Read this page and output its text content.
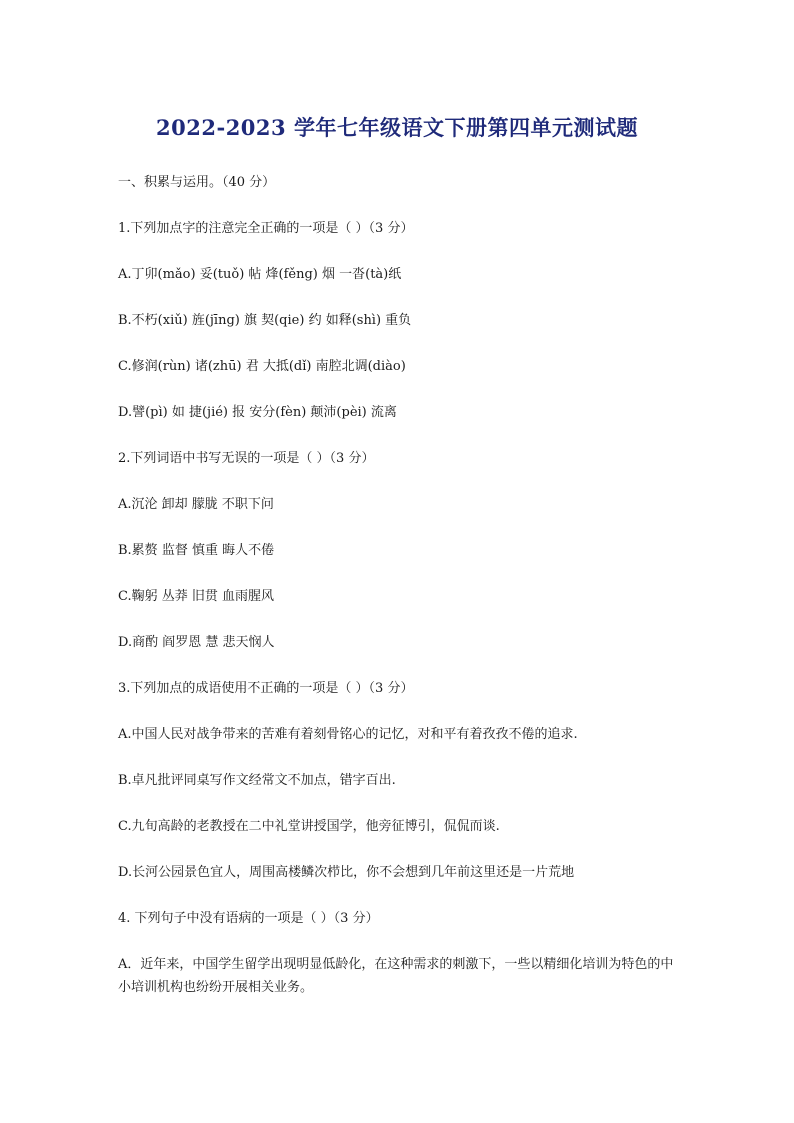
2022-2023 学年七年级语文下册第四单元测试题
一、积累与运用。（40 分）
1.下列加点字的注意完全正确的一项是（ ）（3 分）
A.丁卯(mǎo) 妥(tuǒ) 帖 烽(fěng) 烟 一沓(tà)纸
B.不朽(xiǔ) 旌(jīng) 旗 契(qie) 约 如释(shì) 重负
C.修润(rùn) 诸(zhū) 君 大抵(dǐ) 南腔北调(diào)
D.譬(pì) 如 捷(jié) 报 安分(fèn) 颠沛(pèi) 流离
2.下列词语中书写无误的一项是（ ）（3 分）
A.沉沦 卸却 朦胧 不职下问
B.累赘 监督 慎重 晦人不倦
C.鞠躬 丛莽 旧贯 血雨腥风
D.商酌 阎罗恩 慧 悲天悯人
3.下列加点的成语使用不正确的一项是（ ）（3 分）
A.中国人民对战争带来的苦难有着刻骨铭心的记忆，对和平有着孜孜不倦的追求.
B.卓凡批评同桌写作文经常文不加点，错字百出.
C.九旬高龄的老教授在二中礼堂讲授国学，他旁征博引，侃侃而谈.
D.长河公园景色宜人，周围高楼鳞次栉比，你不会想到几年前这里还是一片荒地
4. 下列句子中没有语病的一项是（ ）（3 分）
A．近年来，中国学生留学出现明显低龄化，在这种需求的刺激下，一些以精细化培训为特色的中小培训机构也纷纷开展相关业务。
